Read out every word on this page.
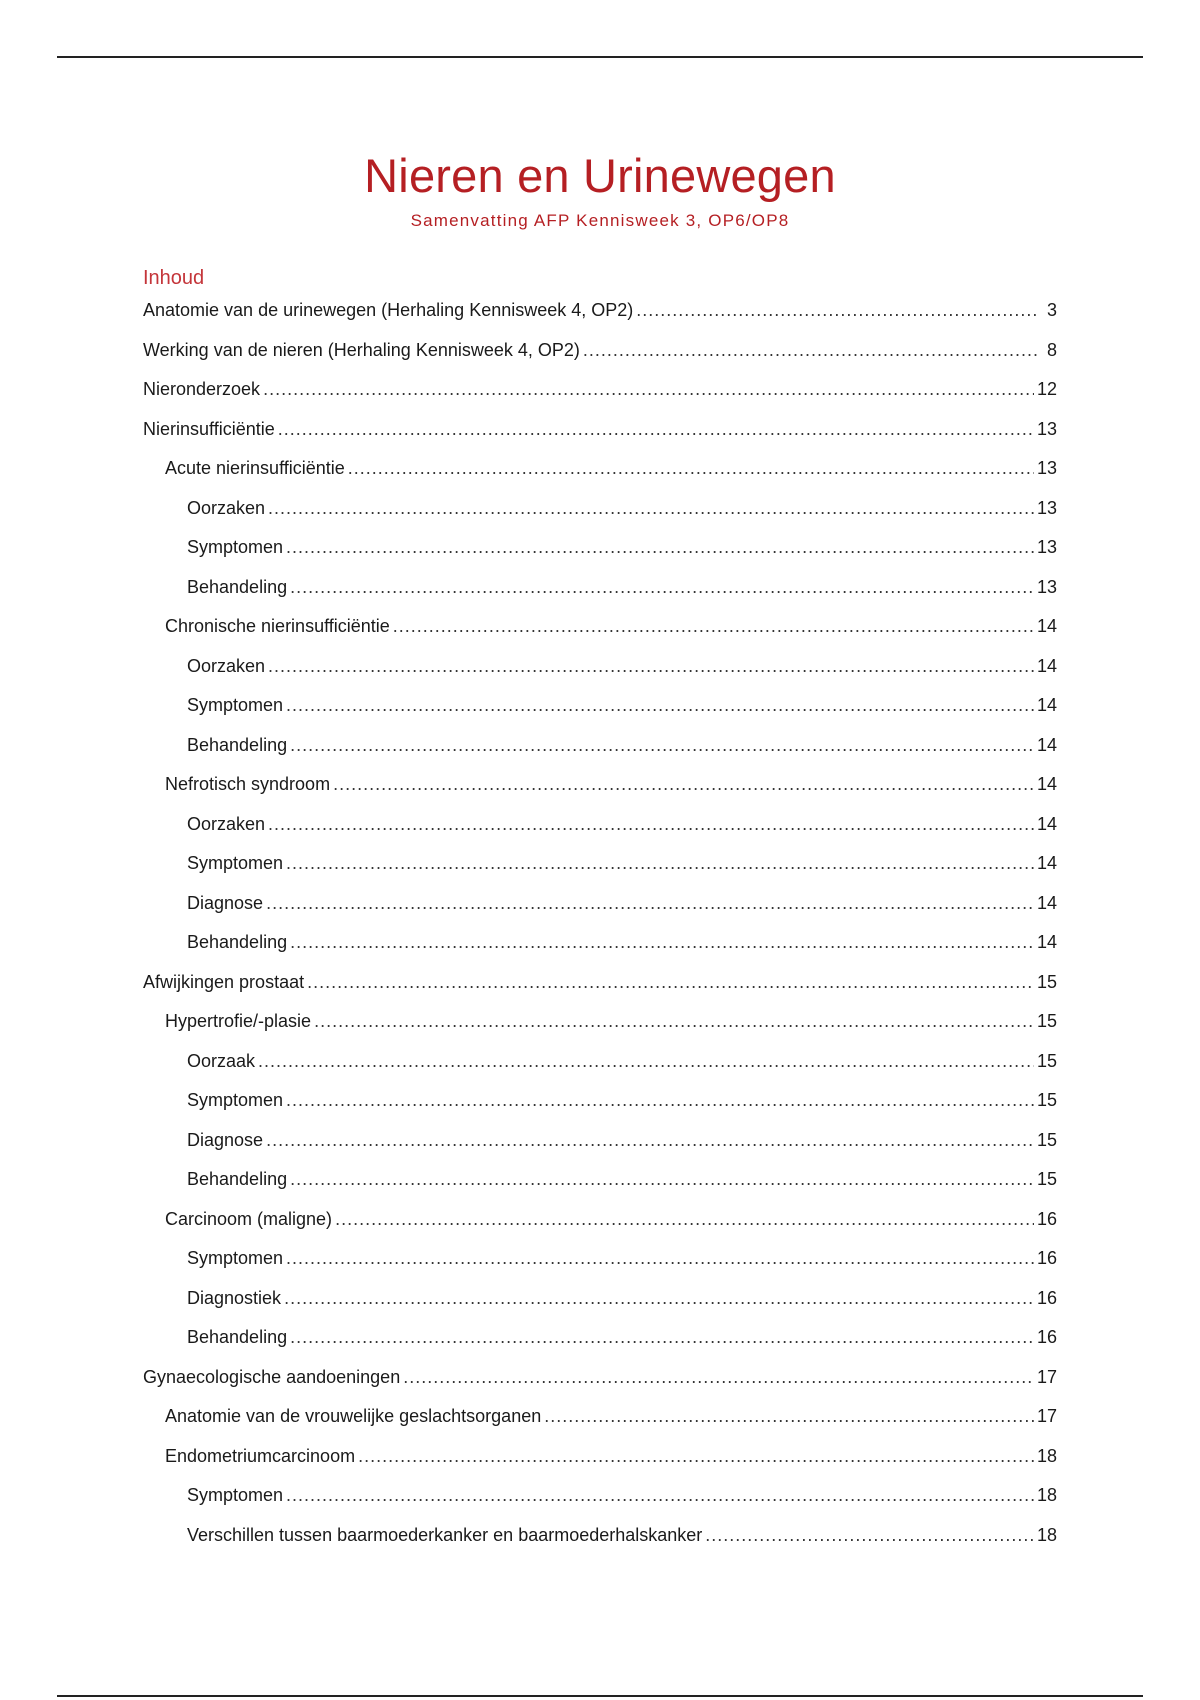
Nieren en Urinewegen
Samenvatting AFP Kennisweek 3, OP6/OP8
Inhoud
Anatomie van de urinewegen (Herhaling Kennisweek 4, OP2) .....	3
Werking van de nieren (Herhaling Kennisweek 4, OP2) .....	8
Nieronderzoek .....	12
Nierinsufficiëntie .....	13
Acute nierinsufficiëntie .....	13
Oorzaken .....	13
Symptomen .....	13
Behandeling .....	13
Chronische nierinsufficiëntie .....	14
Oorzaken .....	14
Symptomen .....	14
Behandeling .....	14
Nefrotisch syndroom .....	14
Oorzaken .....	14
Symptomen .....	14
Diagnose .....	14
Behandeling .....	14
Afwijkingen prostaat .....	15
Hypertrofie/-plasie .....	15
Oorzaak .....	15
Symptomen .....	15
Diagnose .....	15
Behandeling .....	15
Carcinoom (maligne) .....	16
Symptomen .....	16
Diagnostiek .....	16
Behandeling .....	16
Gynaecologische aandoeningen .....	17
Anatomie van de vrouwelijke geslachtsorganen .....	17
Endometriumcarcinoom .....	18
Symptomen .....	18
Verschillen tussen baarmoederkanker en baarmoederhalskanker .....	18
